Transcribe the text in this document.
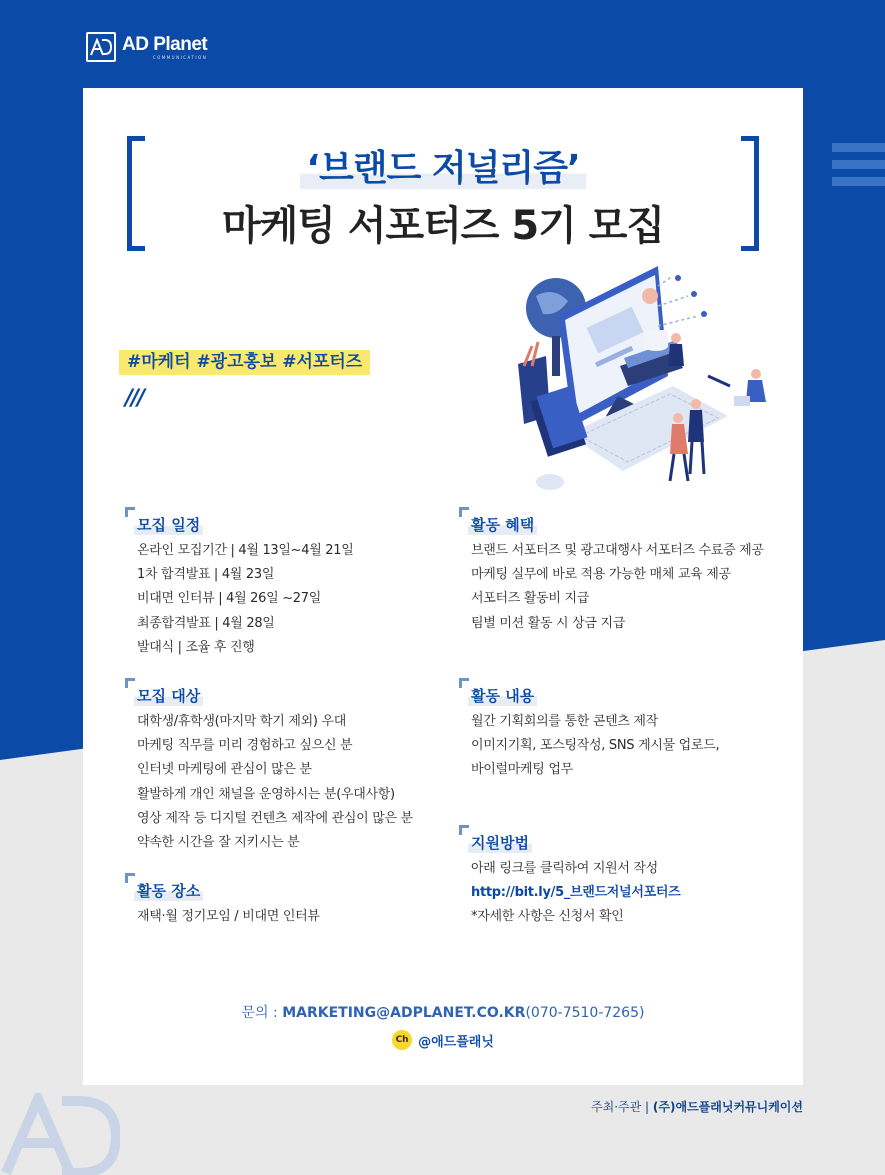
AD Planet
COMMUNICATION
‘브랜드 저널리즘’
마케팅 서포터즈 5기 모집
#마케터 #광고홍보 #서포터즈
///
모집 일정
온라인 모집기간 | 4월 13일~4월 21일
1차 합격발표 | 4월 23일
비대면 인터뷰 | 4월 26일 ~27일
최종합격발표 | 4월 28일
발대식 | 조율 후 진행
모집 대상
대학생/휴학생(마지막 학기 제외) 우대
마케팅 직무를 미리 경험하고 싶으신 분
인터넷 마케팅에 관심이 많은 분
활발하게 개인 채널을 운영하시는 분(우대사항)
영상 제작 등 디지털 컨텐츠 제작에 관심이 많은 분
약속한 시간을 잘 지키시는 분
활동 장소
재택·월 정기모임 / 비대면 인터뷰
활동 혜택
브랜드 서포터즈 및 광고대행사 서포터즈 수료증 제공
마케팅 실무에 바로 적용 가능한 매체 교육 제공
서포터즈 활동비 지급
팀별 미션 활동 시 상금 지급
활동 내용
월간 기획회의를 통한 콘텐츠 제작
이미지기획, 포스팅작성, SNS 게시물 업로드,
바이럴마케팅 업무
지원방법
아래 링크를 클릭하여 지원서 작성
http://bit.ly/5_브랜드저널서포터즈
*자세한 사항은 신청서 확인
문의 : MARKETING@ADPLANET.CO.KR(070-7510-7265)
Ch @애드플래닛
주최·주관 | (주)애드플래닛커뮤니케이션
